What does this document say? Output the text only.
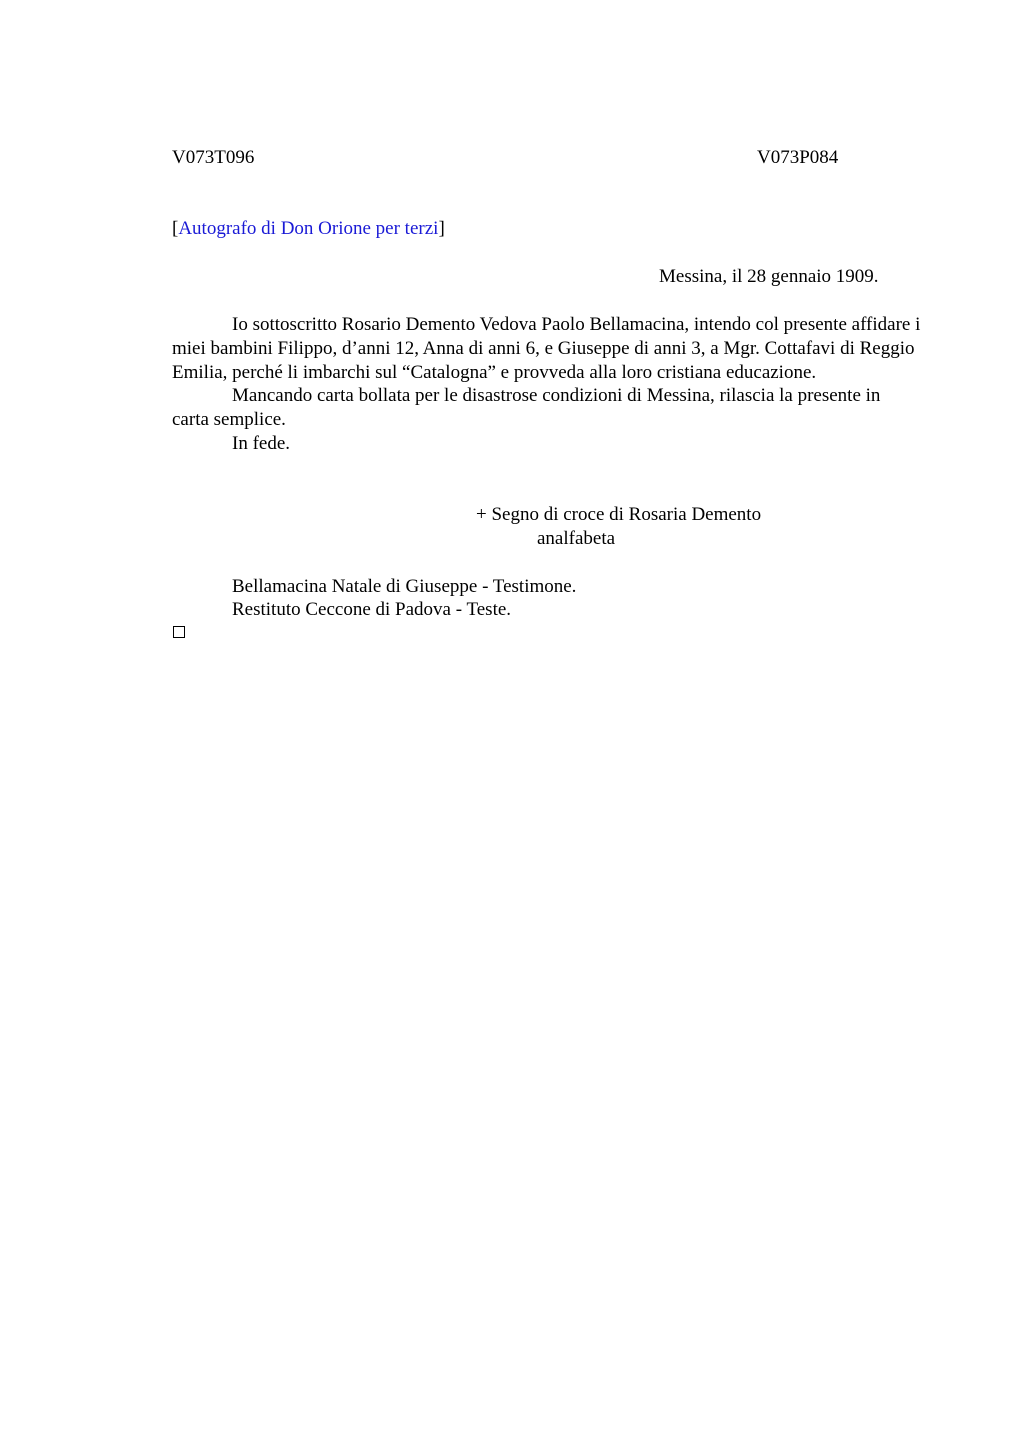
V073T096	V073P084
[Autografo di Don Orione per terzi]
Messina, il 28 gennaio 1909.

Io sottoscritto Rosario Demento Vedova Paolo Bellamacina, intendo col presente affidare i miei bambini Filippo, d’anni 12, Anna di anni 6, e Giuseppe di anni 3, a Mgr. Cottafavi di Reggio Emilia, perché li imbarchi sul “Catalogna” e provveda alla loro cristiana educazione.

Mancando carta bollata per le disastrose condizioni di Messina, rilascia la presente in carta semplice.

In fede.

+ Segno di croce di Rosaria Demento
analfabeta
Bellamacina Natale di Giuseppe - Testimone.
Restituto Ceccone di Padova - Teste.
